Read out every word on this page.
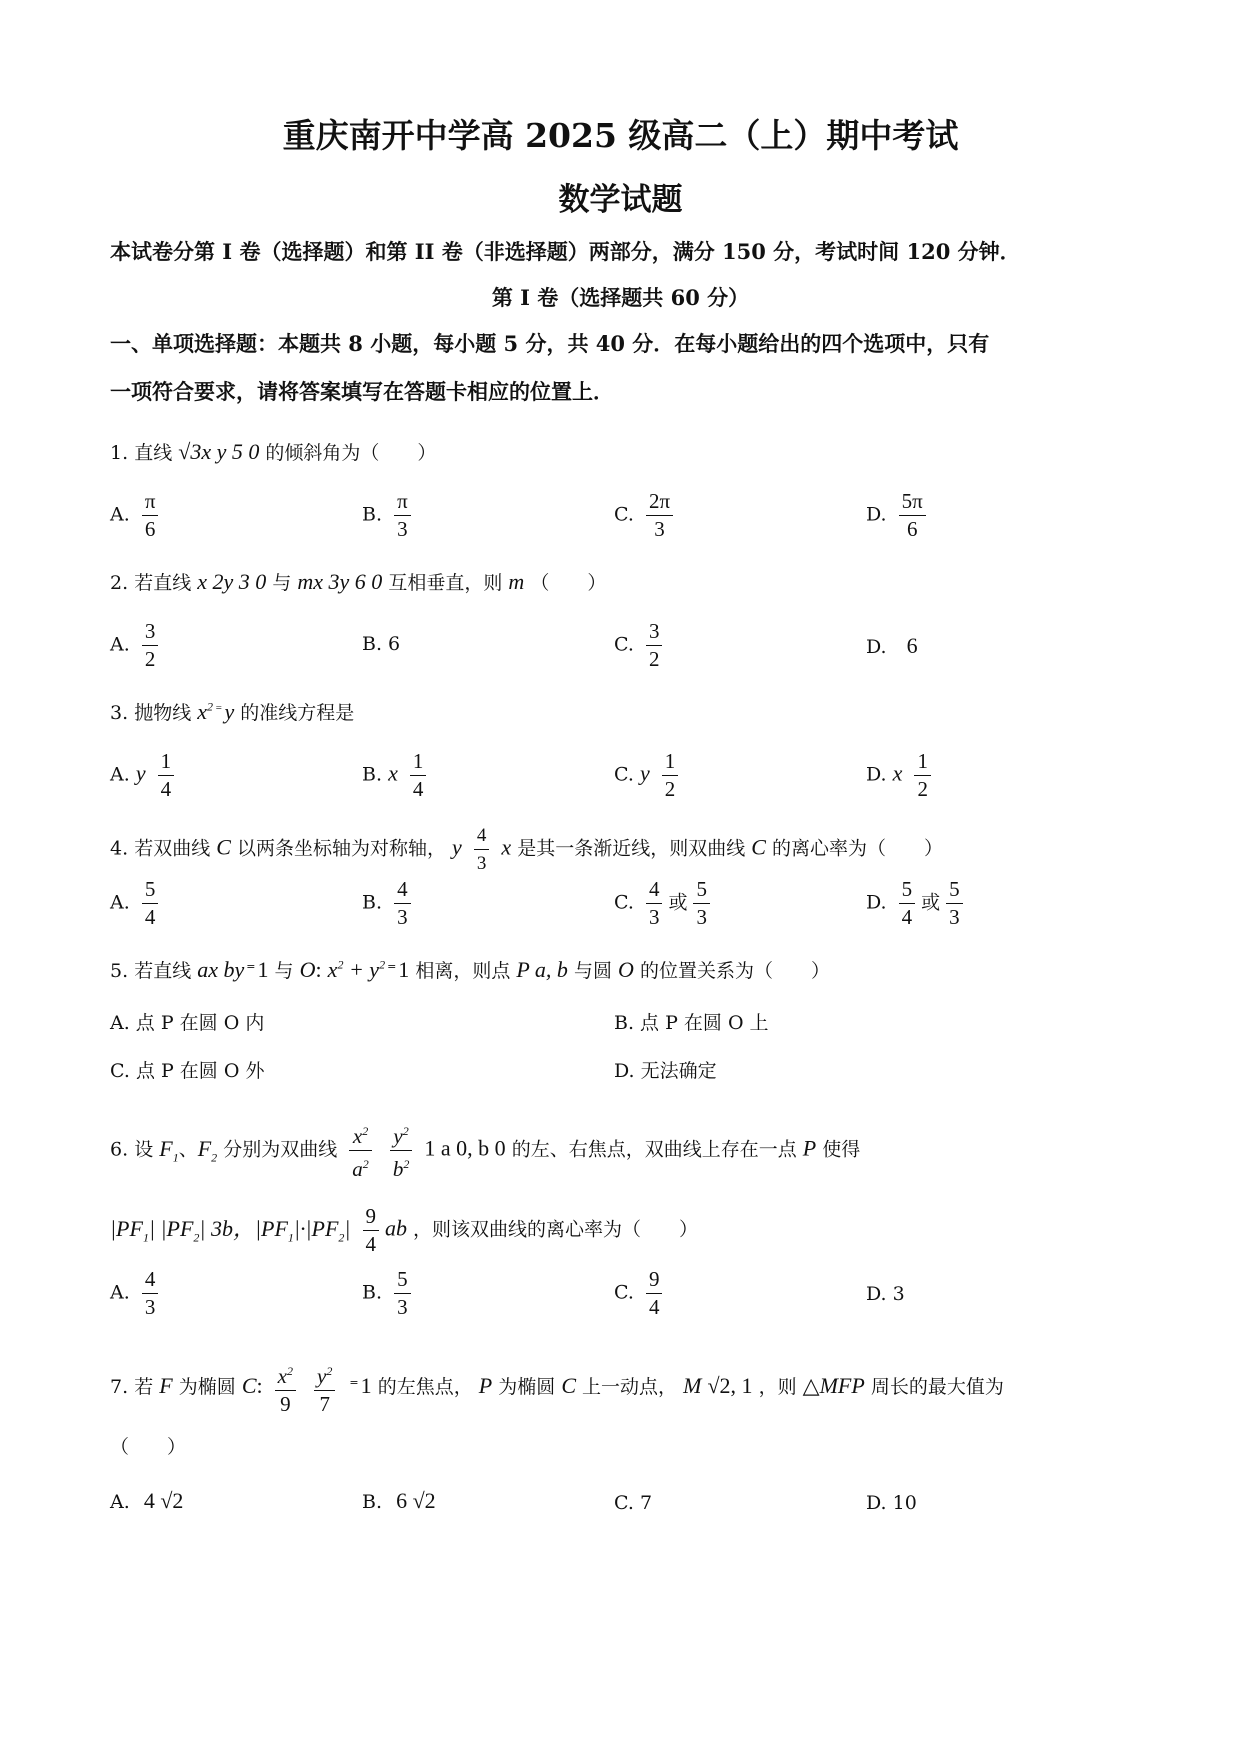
重庆南开中学高 2025 级高二（上）期中考试
数学试题
本试卷分第 I 卷（选择题）和第 II 卷（非选择题）两部分，满分 150 分，考试时间 120 分钟．
第 I 卷（选择题共 60 分）
一、单项选择题：本题共 8 小题，每小题 5 分，共 40 分．在每小题给出的四个选项中，只有
一项符合要求，请将答案填写在答题卡相应的位置上．
1. 直线 √3x y 5 0 的倾斜角为（　　）
A. $\frac{\pi}{6}$	B. $\frac{\pi}{3}$	C. $\frac{2\pi}{3}$	D. $\frac{5\pi}{6}$
2. 若直线 x 2y 3 0 与 mx 3y 6 0 互相垂直，则 m （　　）
A. $\frac{3}{2}$	B. 6	C. $\frac{3}{2}$	D. 6
3. 抛物线 $x^2$ =y 的准线方程是
A. y $\frac{1}{4}$	B. x $\frac{1}{4}$	C. y $\frac{1}{2}$	D. x $\frac{1}{2}$
4. 若双曲线 C 以两条坐标轴为对称轴， y $\frac{4}{3}$ x 是其一条渐近线，则双曲线 C 的离心率为（　　）
A. $\frac{5}{4}$	B. $\frac{4}{3}$	C. $\frac{4}{3}$ 或 $\frac{5}{3}$	D. $\frac{5}{4}$ 或 $\frac{5}{3}$
5. 若直线 ax by =1 与 O: $x^2 + y^2$ =1 相离，则点 P a, b 与圆 O 的位置关系为（　　）
A. 点 P 在圆 O 内	B. 点 P 在圆 O 上
C. 点 P 在圆 O 外	D. 无法确定
6. 设 $F_1$、$F_2$ 分别为双曲线 $\frac{x^2}{a^2}$
$\frac{y^2}{b^2} 1$ a 0, b 0 的左、右焦点，双曲线上存在一点 P 使得
$|PF_1|$ $|PF_2|$ 3b，$|PF_1|\cdot|PF_2| \frac{9}{4}$ ab ，则该双曲线的离心率为（　　）
A. $\frac{4}{3}$	B. $\frac{5}{3}$	C. $\frac{9}{4}$	D. 3
7. 若 F 为椭圆 C: $\frac{x^2}{9}$
$\frac{y^2}{7} ^=1$ 的左焦点， P 为椭圆 C 上一动点， M √2, 1 ，则 △MFP 周长的最大值为
（　　）
A. 4 √2	B. 6 √2	C. 7	D. 10
